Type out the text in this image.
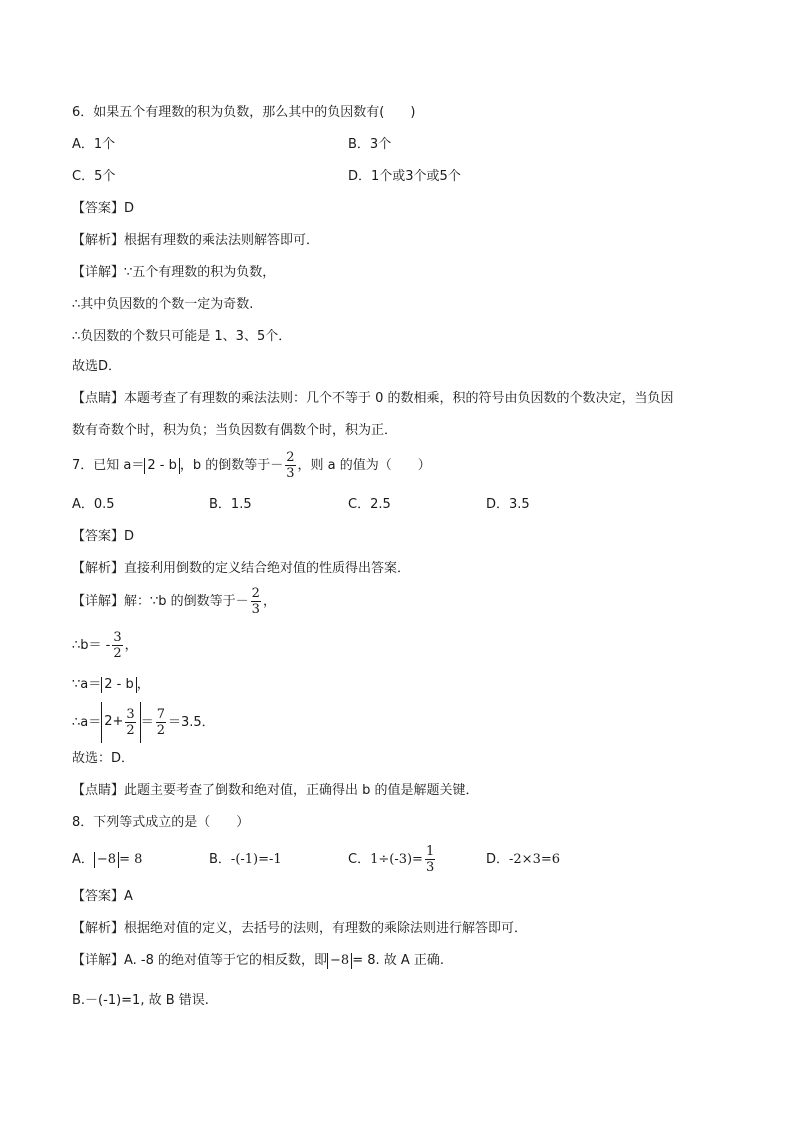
6．如果五个有理数的积为负数，那么其中的负因数有(　　)
A．1个	B．3个
C．5个	D．1个或3个或5个
【答案】D
【解析】根据有理数的乘法法则解答即可．
【详解】∵五个有理数的积为负数，
∴其中负因数的个数一定为奇数.
∴负因数的个数只可能是 1、3、5个．
故选D．
【点睛】本题考查了有理数的乘法法则：几个不等于 0 的数相乘，积的符号由负因数的个数决定，当负因
数有奇数个时，积为负；当负因数有偶数个时，积为正．
7．已知 a＝ 2 - b ，b 的倒数等于－ $\frac{2}{3}$ ，则 a 的值为（　　）
A．0.5	B．1.5	C．2.5	D．3.5
【答案】D
【解析】直接利用倒数的定义结合绝对值的性质得出答案．
【详解】解：∵b 的倒数等于－ $\frac{2}{3}$ ，
∴b＝ - $\frac{3}{2}$ ，
∵a＝ 2 - b ，
∴a＝ $2+ \frac{3}{2} = \frac{7}{2} =3.5$．
故选：D．
【点睛】此题主要考查了倒数和绝对值，正确得出 b 的值是解题关键．
8．下列等式成立的是（　　）
A． −8 = 8	B．-(-1)=-1	C．$1\div(-3)= \frac{1}{3}$	D．-2×3=6
【答案】A
【解析】根据绝对值的定义，去括号的法则，有理数的乘除法则进行解答即可．
【详解】A. -8 的绝对值等于它的相反数，即 −8 = 8. 故 A 正确.
B.－(-1)=1, 故 B 错误.
